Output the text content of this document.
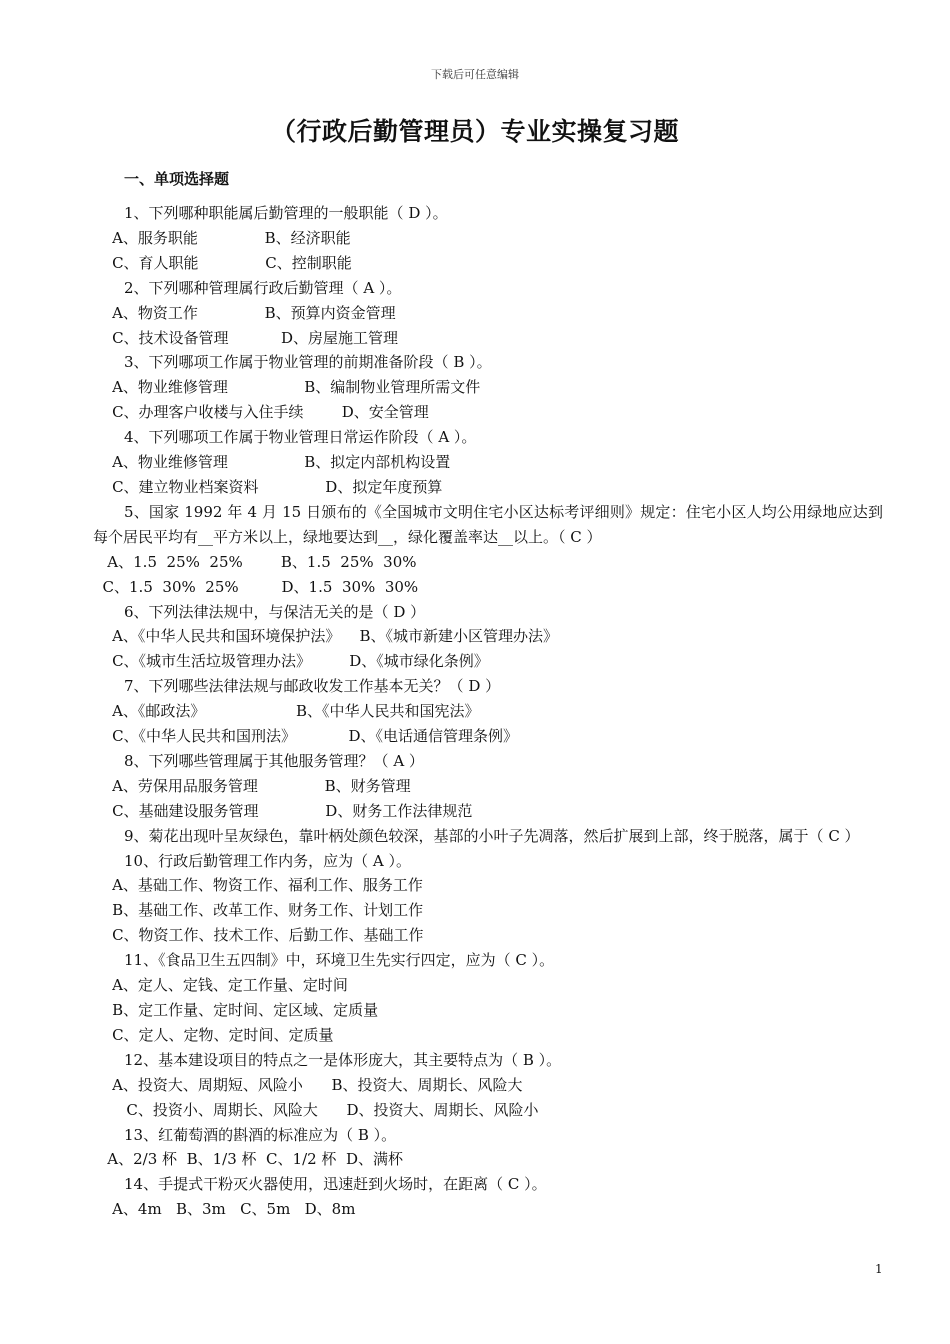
下载后可任意编辑
（行政后勤管理员）专业实操复习题
一、单项选择题

1、下列哪种职能属后勤管理的一般职能（ D ）。

A、服务职能              B、经济职能
C、育人职能              C、控制职能

2、下列哪种管理属行政后勤管理（ A ）。

A、物资工作              B、预算内资金管理
C、技术设备管理           D、房屋施工管理

3、下列哪项工作属于物业管理的前期准备阶段（ B ）。

A、物业维修管理                B、编制物业管理所需文件
C、办理客户收楼与入住手续        D、安全管理

4、下列哪项工作属于物业管理日常运作阶段（ A ）。

A、物业维修管理                B、拟定内部机构设置
C、建立物业档案资料              D、拟定年度预算

5、国家 1992 年 4 月 15 日颁布的《全国城市文明住宅小区达标考评细则》规定：住宅小区人均公用绿地应达到每个居民平均有__平方米以上，绿地要达到__，绿化覆盖率达__以上。（ C ）

A、1.5  25%  25%        B、1.5  25%  30%
C、1.5  30%  25%         D、1.5  30%  30%

6、下列法律法规中，与保洁无关的是（ D ）

A、《中华人民共和国环境保护法》    B、《城市新建小区管理办法》
C、《城市生活垃圾管理办法》        D、《城市绿化条例》

7、下列哪些法律法规与邮政收发工作基本无关？（ D ）

A、《邮政法》                   B、《中华人民共和国宪法》
C、《中华人民共和国刑法》           D、《电话通信管理条例》

8、下列哪些管理属于其他服务管理？（ A ）

A、劳保用品服务管理              B、财务管理
C、基础建设服务管理              D、财务工作法律规范

9、菊花出现叶呈灰绿色，靠叶柄处颜色较深，基部的小叶子先凋落，然后扩展到上部，终于脱落，属于（ C ）

10、行政后勤管理工作内务，应为（ A ）。

A、基础工作、物资工作、福利工作、服务工作
B、基础工作、改革工作、财务工作、计划工作
C、物资工作、技术工作、后勤工作、基础工作

11、《食品卫生五四制》中，环境卫生先实行四定，应为（ C ）。

A、定人、定钱、定工作量、定时间
B、定工作量、定时间、定区域、定质量
C、定人、定物、定时间、定质量

12、基本建设项目的特点之一是体形庞大，其主要特点为（ B ）。

A、投资大、周期短、风险小      B、投资大、周期长、风险大
C、投资小、周期长、风险大      D、投资大、周期长、风险小

13、红葡萄酒的斟酒的标准应为（ B ）。

A、2/3 杯  B、1/3 杯  C、1/2 杯  D、满杯

14、手提式干粉灭火器使用，迅速赶到火场时，在距离（ C ）。

A、4m   B、3m   C、5m   D、8m
1
